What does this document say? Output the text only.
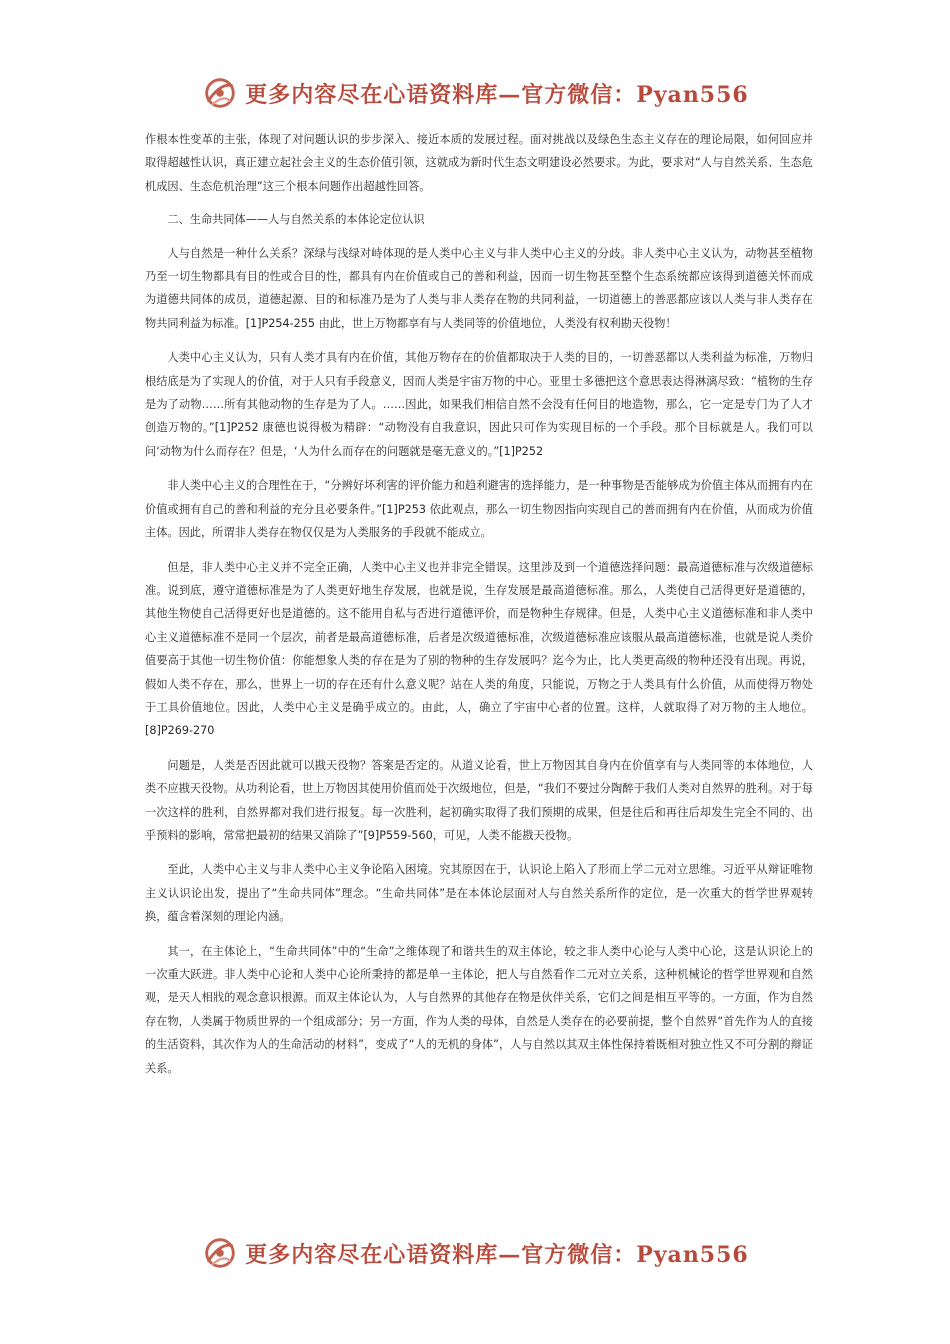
更多内容尽在心语资料库—官方微信：Pyan556

作根本性变革的主张，体现了对问题认识的步步深入、接近本质的发展过程。面对挑战以及绿色生态主义存在的理论局限，如何回应并取得超越性认识，真正建立起社会主义的生态价值引领，这就成为新时代生态文明建设必然要求。为此，要求对“人与自然关系、生态危机成因、生态危机治理”这三个根本问题作出超越性回答。

二、生命共同体——人与自然关系的本体论定位认识

人与自然是一种什么关系？深绿与浅绿对峙体现的是人类中心主义与非人类中心主义的分歧。非人类中心主义认为，动物甚至植物乃至一切生物都具有目的性或合目的性，都具有内在价值或自己的善和利益，因而一切生物甚至整个生态系统都应该得到道德关怀而成为道德共同体的成员，道德起源、目的和标准乃是为了人类与非人类存在物的共同利益，一切道德上的善恶都应该以人类与非人类存在物共同利益为标准。[1]P254-255 由此，世上万物都享有与人类同等的价值地位，人类没有权利勘天役物！

人类中心主义认为，只有人类才具有内在价值，其他万物存在的价值都取决于人类的目的，一切善恶都以人类利益为标准，万物归根结底是为了实现人的价值，对于人只有手段意义，因而人类是宇宙万物的中心。亚里士多德把这个意思表达得淋漓尽致：“植物的生存是为了动物……所有其他动物的生存是为了人。……因此，如果我们相信自然不会没有任何目的地造物，那么，它一定是专门为了人才创造万物的。”[1]P252 康德也说得极为精辟：“动物没有自我意识，因此只可作为实现目标的一个手段。那个目标就是人。我们可以问‘动物为什么而存在？但是，‘人为什么而存在的问题就是毫无意义的。”[1]P252

非人类中心主义的合理性在于，“分辨好坏利害的评价能力和趋利避害的选择能力，是一种事物是否能够成为价值主体从而拥有内在价值或拥有自己的善和利益的充分且必要条件。”[1]P253 依此观点，那么一切生物因指向实现自己的善而拥有内在价值，从而成为价值主体。因此，所谓非人类存在物仅仅是为人类服务的手段就不能成立。

但是，非人类中心主义并不完全正确，人类中心主义也并非完全错误。这里涉及到一个道德选择问题：最高道德标准与次级道德标准。说到底，遵守道德标准是为了人类更好地生存发展，也就是说，生存发展是最高道德标准。那么，人类使自己活得更好是道德的，其他生物使自己活得更好也是道德的。这不能用自私与否进行道德评价，而是物种生存规律。但是，人类中心主义道德标准和非人类中心主义道德标准不是同一个层次，前者是最高道德标准，后者是次级道德标准，次级道德标准应该服从最高道德标准，也就是说人类价值要高于其他一切生物价值：你能想象人类的存在是为了别的物种的生存发展吗？迄今为止，比人类更高级的物种还没有出现。再说，假如人类不存在，那么，世界上一切的存在还有什么意义呢？站在人类的角度，只能说，万物之于人类具有什么价值，从而使得万物处于工具价值地位。因此，人类中心主义是确乎成立的。由此，人，确立了宇宙中心者的位置。这样，人就取得了对万物的主人地位。[8]P269-270

问题是，人类是否因此就可以戡天役物？答案是否定的。从道义论看，世上万物因其自身内在价值享有与人类同等的本体地位，人类不应戡天役物。从功利论看，世上万物因其使用价值而处于次级地位，但是，“我们不要过分陶醉于我们人类对自然界的胜利。对于每一次这样的胜利，自然界都对我们进行报复。每一次胜利，起初确实取得了我们预期的成果，但是往后和再往后却发生完全不同的、出乎预料的影响，常常把最初的结果又消除了”[9]P559-560，可见，人类不能戡天役物。

至此，人类中心主义与非人类中心主义争论陷入困境。究其原因在于，认识论上陷入了形而上学二元对立思维。习近平从辩证唯物主义认识论出发，提出了“生命共同体”理念。“生命共同体”是在本体论层面对人与自然关系所作的定位，是一次重大的哲学世界观转换，蕴含着深刻的理论内涵。

其一，在主体论上，“生命共同体”中的“生命”之维体现了和谐共生的双主体论，较之非人类中心论与人类中心论，这是认识论上的一次重大跃进。非人类中心论和人类中心论所秉持的都是单一主体论，把人与自然看作二元对立关系，这种机械论的哲学世界观和自然观，是天人相戕的观念意识根源。而双主体论认为，人与自然界的其他存在物是伙伴关系，它们之间是相互平等的。一方面，作为自然存在物，人类属于物质世界的一个组成部分；另一方面，作为人类的母体，自然是人类存在的必要前提，整个自然界“首先作为人的直接的生活资料，其次作为人的生命活动的材料”，变成了“人的无机的身体”，人与自然以其双主体性保持着既相对独立性又不可分割的辩证关系。

更多内容尽在心语资料库—官方微信：Pyan556
